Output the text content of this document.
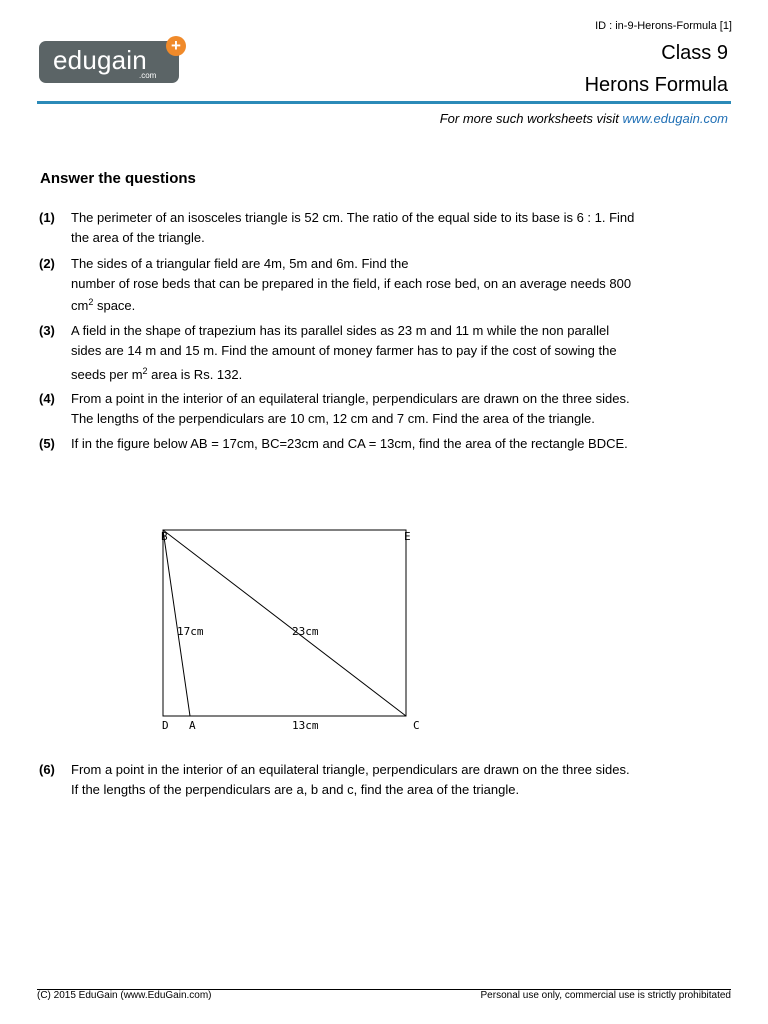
ID : in-9-Herons-Formula [1]
edugain
.com
+	Class 9
Herons Formula
For more such worksheets visit www.edugain.com
Answer the questions
(1) The perimeter of an isosceles triangle is 52 cm. The ratio of the equal side to its base is 6 : 1. Find
the area of the triangle.
(2) The sides of a triangular field are 4m, 5m and 6m. Find the
number of rose beds that can be prepared in the field, if each rose bed, on an average needs 800
$cm^2$ space.
(3) A field in the shape of trapezium has its parallel sides as 23 m and 11 m while the non parallel
sides are 14 m and 15 m. Find the amount of money farmer has to pay if the cost of sowing the
seeds per $m^2$ area is Rs. 132.
(4) From a point in the interior of an equilateral triangle, perpendiculars are drawn on the three sides.
The lengths of the perpendiculars are 10 cm, 12 cm and 7 cm. Find the area of the triangle.
(5) If in the figure below AB = 17cm, BC=23cm and CA = 13cm, find the area of the rectangle BDCE.
B	E
D A	C
17cm	23cm
13cm
(6) From a point in the interior of an equilateral triangle, perpendiculars are drawn on the three sides.
If the lengths of the perpendiculars are a, b and c, find the area of the triangle.
(C) 2015 EduGain (www.EduGain.com)	Personal use only, commercial use is strictly prohibitated
